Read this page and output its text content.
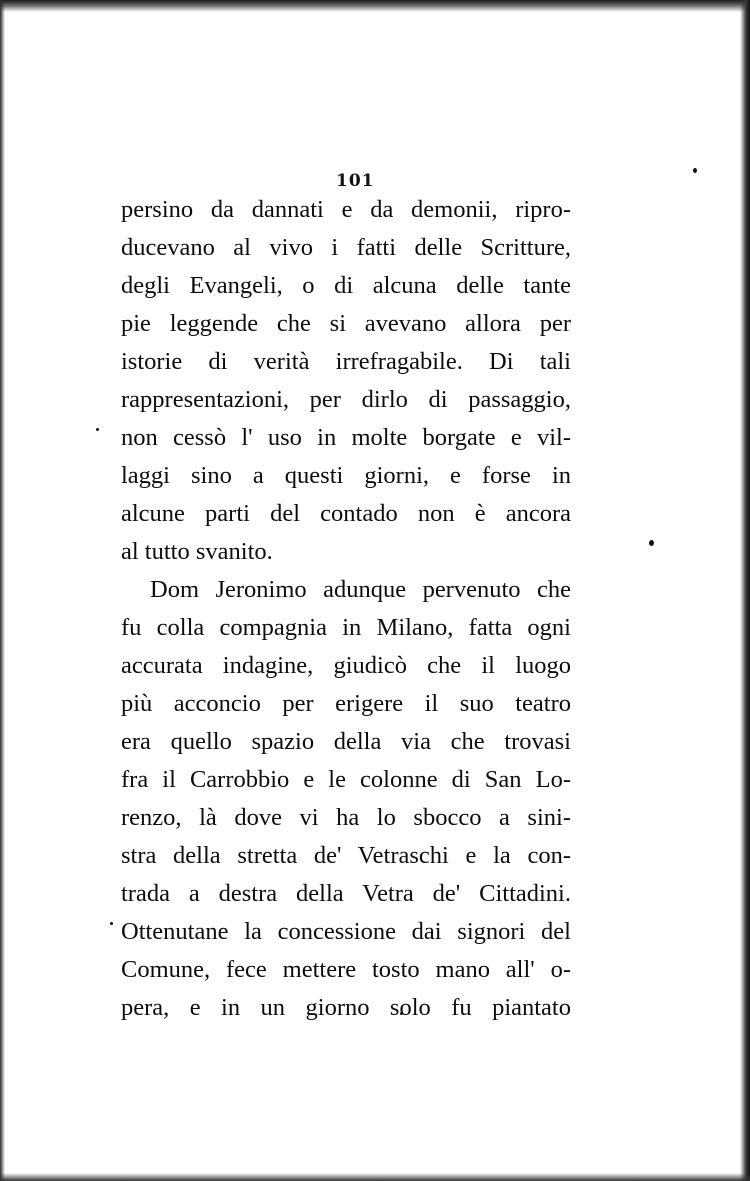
101
persino da dannati e da demonii, ripro-
ducevano al vivo i fatti delle Scritture,
degli Evangeli, o di alcuna delle tante
pie leggende che si avevano allora per
istorie di verità irrefragabile. Di tali
rappresentazioni, per dirlo di passaggio,
non cessò l' uso in molte borgate e vil-
laggi sino a questi giorni, e forse in
alcune parti del contado non è ancora
al tutto svanito.
Dom Jeronimo adunque pervenuto che
fu colla compagnia in Milano, fatta ogni
accurata indagine, giudicò che il luogo
più acconcio per erigere il suo teatro
era quello spazio della via che trovasi
fra il Carrobbio e le colonne di San Lo-
renzo, là dove vi ha lo sbocco a sini-
stra della stretta de' Vetraschi e la con-
trada a destra della Vetra de' Cittadini.
Ottenutane la concessione dai signori del
Comune, fece mettere tosto mano all' o-
pera, e in un giorno solo fu piantato
